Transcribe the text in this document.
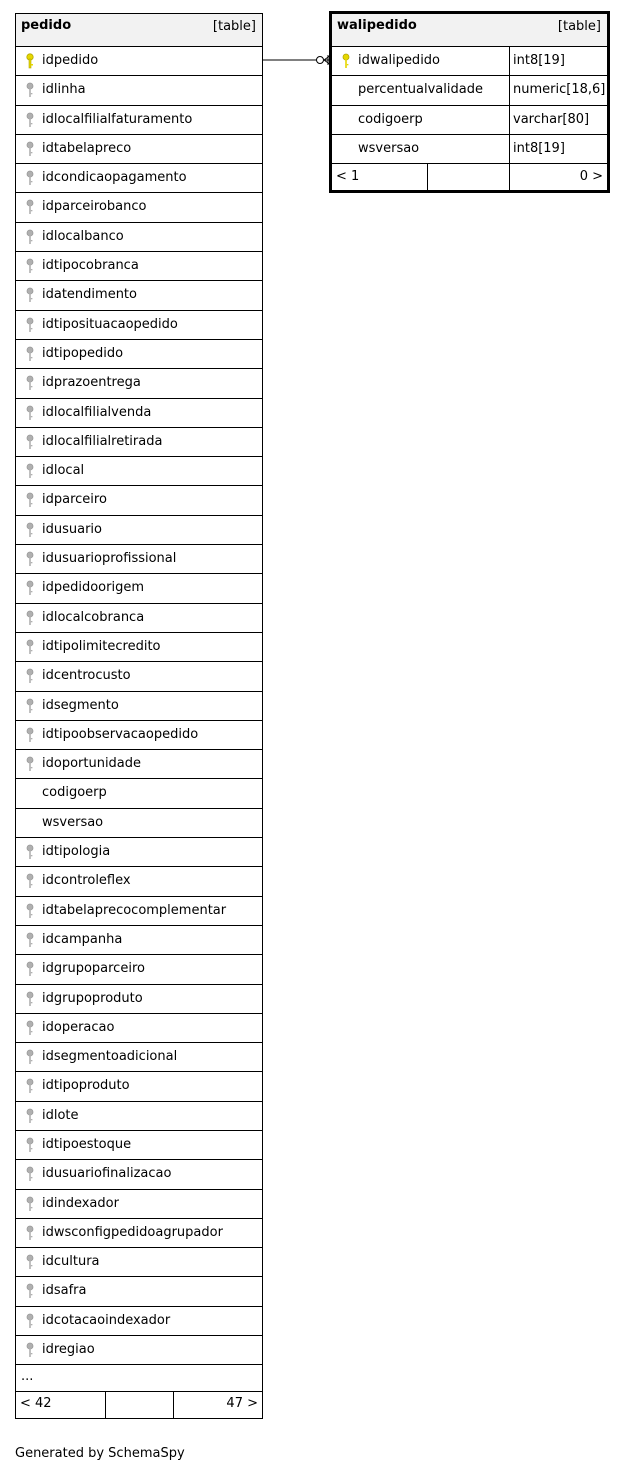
pedido	[table]
idpedido
idlinha
idlocalfilialfaturamento
idtabelapreco
idcondicaopagamento
idparceirobanco
idlocalbanco
idtipocobranca
idatendimento
idtiposituacaopedido
idtipopedido
idprazoentrega
idlocalfilialvenda
idlocalfilialretirada
idlocal
idparceiro
idusuario
idusuarioprofissional
idpedidoorigem
idlocalcobranca
idtipolimitecredito
idcentrocusto
idsegmento
idtipoobservacaopedido
idoportunidade
codigoerp
wsversao
idtipologia
idcontroleflex
idtabelaprecocomplementar
idcampanha
idgrupoparceiro
idgrupoproduto
idoperacao
idsegmentoadicional
idtipoproduto
idlote
idtipoestoque
idusuariofinalizacao
idindexador
idwsconfigpedidoagrupador
idcultura
idsafra
idcotacaoindexador
idregiao
...
< 42	47 >
walipedido	[table]
idwalipedido	int8[19]
percentualvalidade	numeric[18,6]
codigoerp	varchar[80]
wsversao	int8[19]
< 1	0 >
Generated by SchemaSpy
